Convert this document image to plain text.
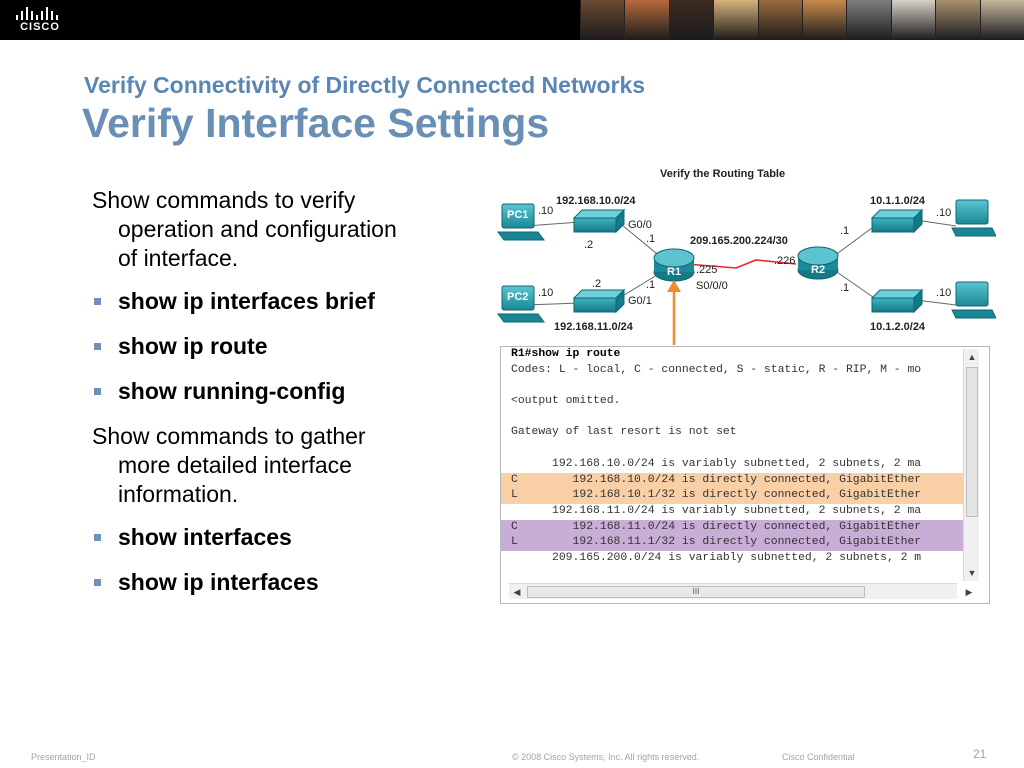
CISCO
Verify Connectivity of Directly Connected Networks
Verify Interface Settings
Show commands to verify operation and configuration of interface.
show ip interfaces brief
show ip route
show running-config
Show commands to gather more detailed interface information.
show interfaces
show ip interfaces
Verify the Routing Table
PC1
PC2
R1	R2
192.168.10.0/24
.10
G0/0
.2	.1	209.165.200.224/30
.225
.226
S0/0/0
.2	.1
G0/1
.10
192.168.11.0/24
10.1.1.0/24
.10
.1
.1	.10
10.1.2.0/24
R1#show ip route
Codes: L - local, C - connected, S - static, R - RIP, M - mo
<output omitted.
Gateway of last resort is not set
192.168.10.0/24 is variably subnetted, 2 subnets, 2 ma
C        192.168.10.0/24 is directly connected, GigabitEther
L        192.168.10.1/32 is directly connected, GigabitEther
192.168.11.0/24 is variably subnetted, 2 subnets, 2 ma
C        192.168.11.0/24 is directly connected, GigabitEther
L        192.168.11.1/32 is directly connected, GigabitEther
209.165.200.0/24 is variably subnetted, 2 subnets, 2 m
▲
▼
◀	III	▶
Presentation_ID	© 2008 Cisco Systems, Inc. All rights reserved.	Cisco Confidential	21
